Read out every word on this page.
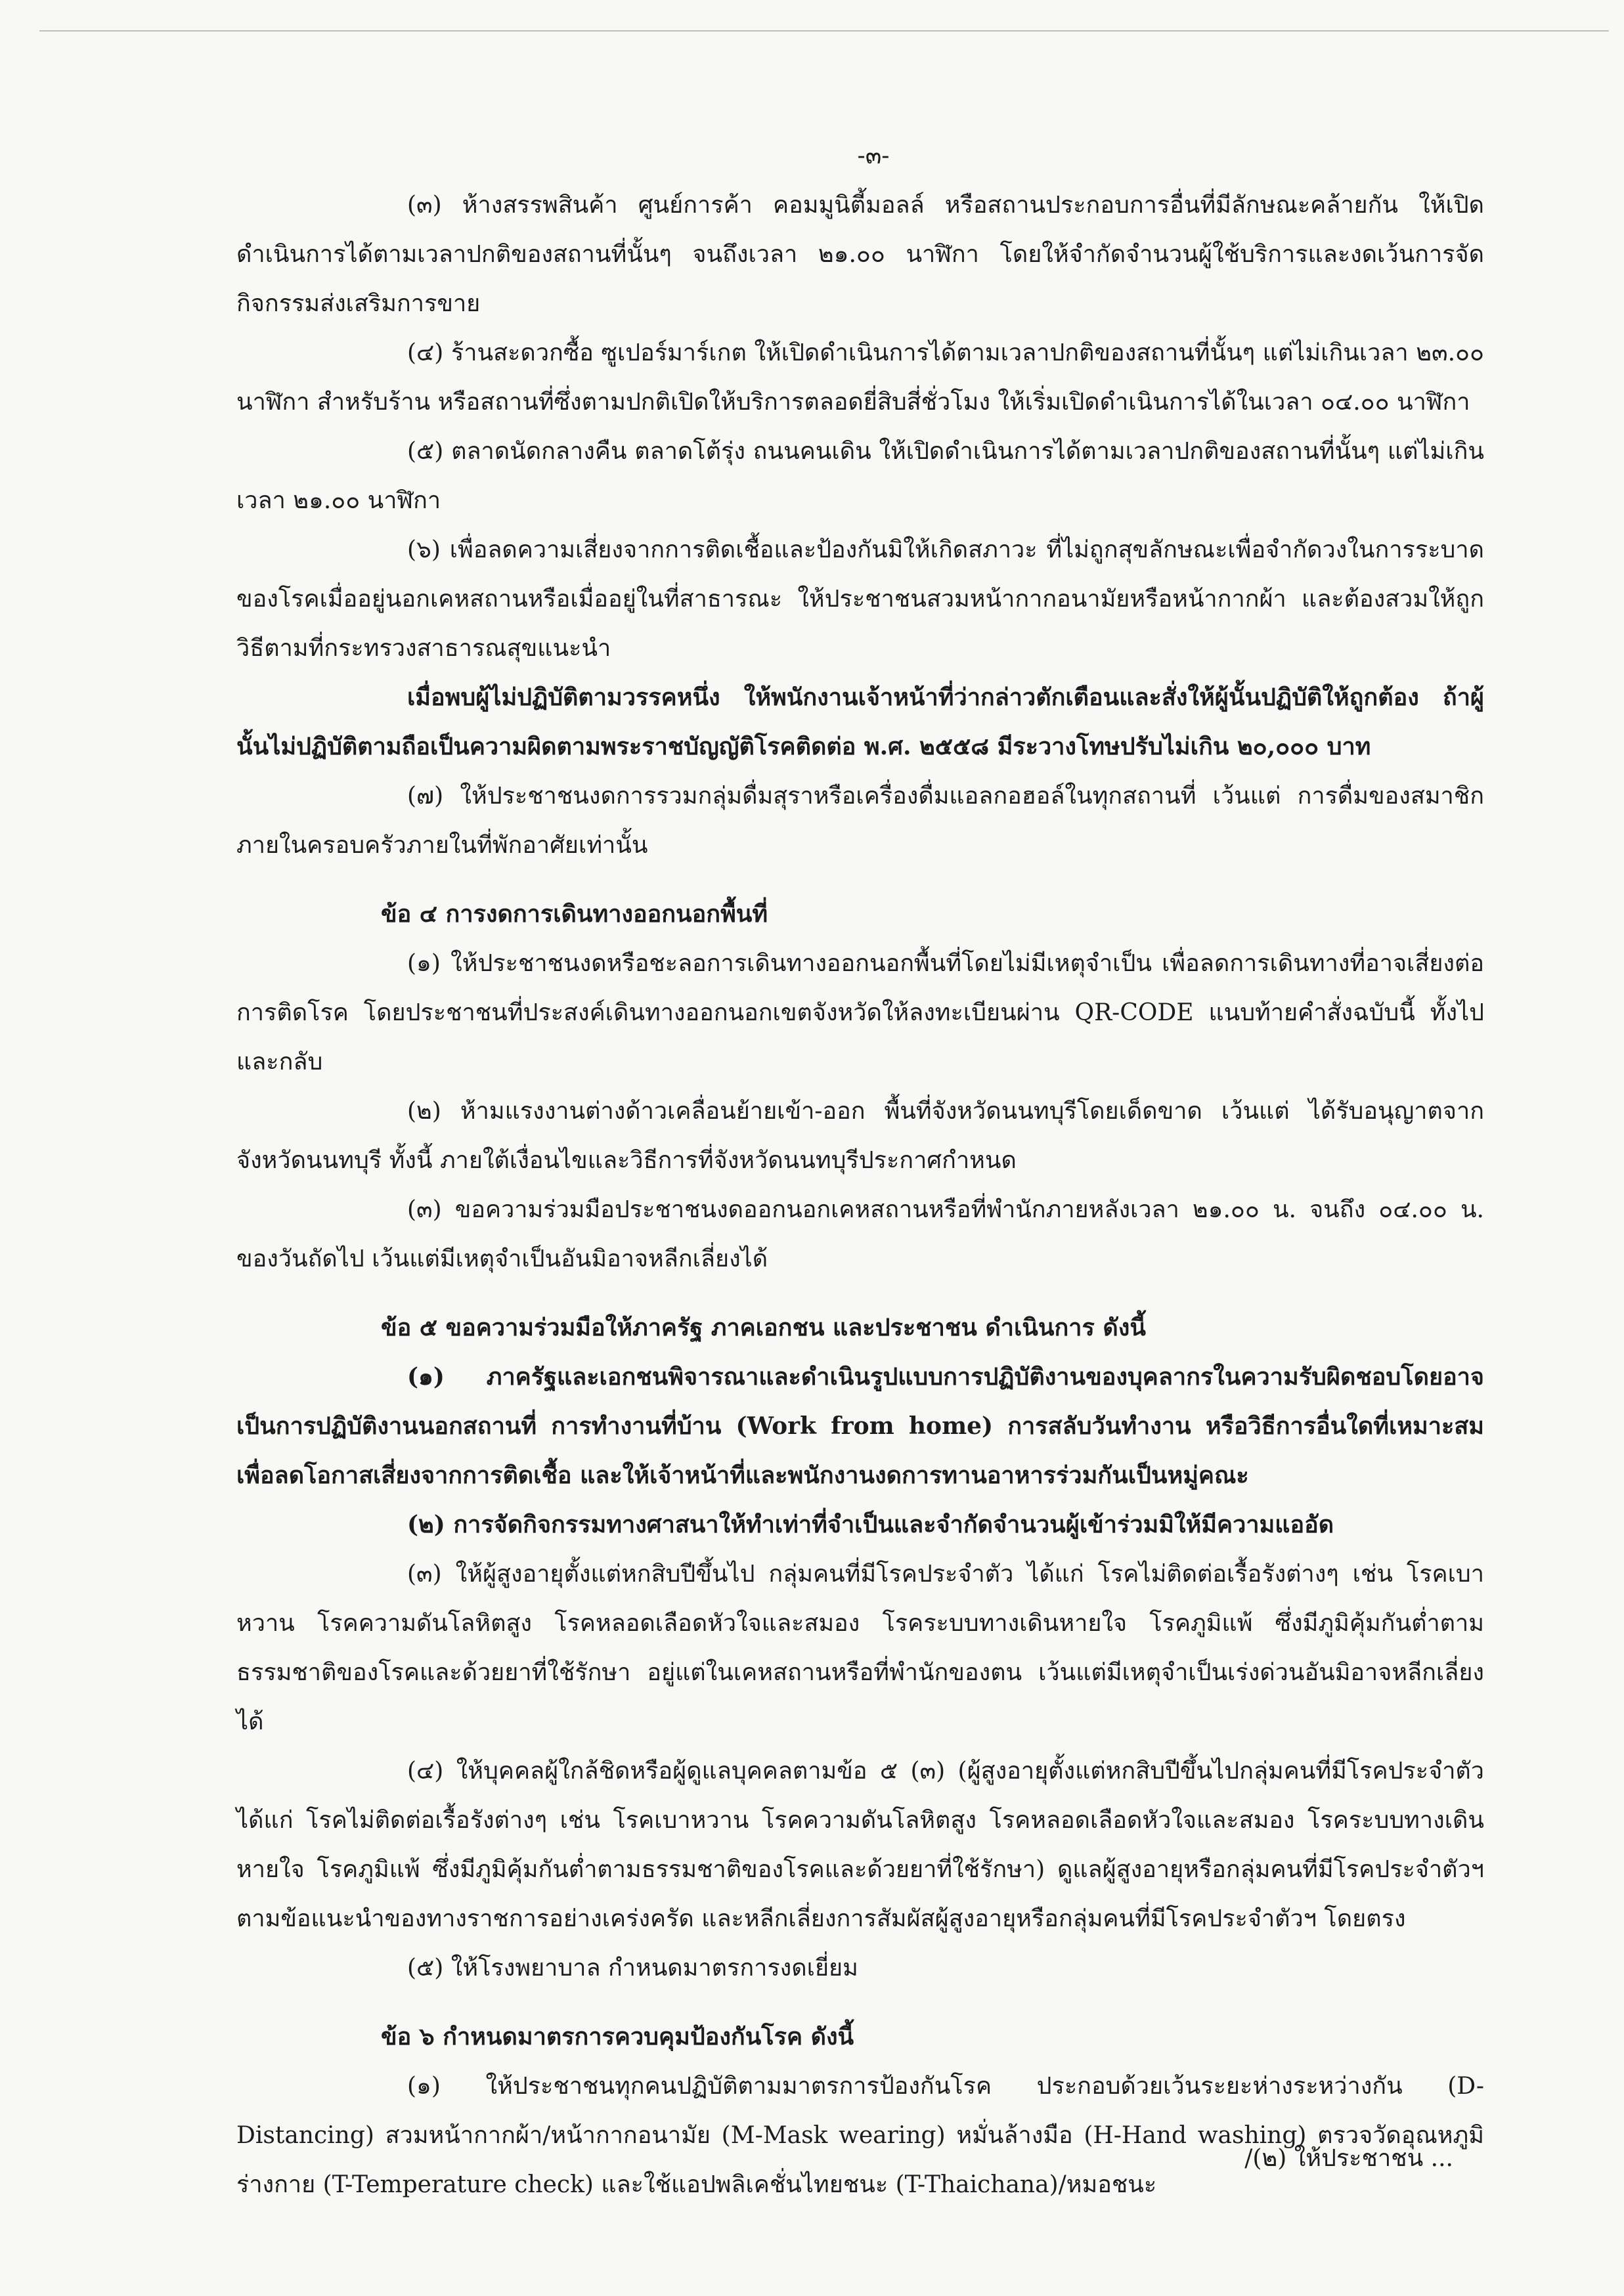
-๓-

(๓) ห้างสรรพสินค้า ศูนย์การค้า คอมมูนิตี้มอลล์ หรือสถานประกอบการอื่นที่มีลักษณะคล้ายกัน ให้เปิดดำเนินการได้ตามเวลาปกติของสถานที่นั้นๆ จนถึงเวลา ๒๑.๐๐ นาฬิกา โดยให้จำกัดจำนวนผู้ใช้บริการและงดเว้นการจัดกิจกรรมส่งเสริมการขาย

(๔) ร้านสะดวกซื้อ ซูเปอร์มาร์เกต ให้เปิดดำเนินการได้ตามเวลาปกติของสถานที่นั้นๆ แต่ไม่เกินเวลา ๒๓.๐๐ นาฬิกา สำหรับร้าน หรือสถานที่ซึ่งตามปกติเปิดให้บริการตลอดยี่สิบสี่ชั่วโมง ให้เริ่มเปิดดำเนินการได้ในเวลา ๐๔.๐๐ นาฬิกา

(๕) ตลาดนัดกลางคืน ตลาดโต้รุ่ง ถนนคนเดิน ให้เปิดดำเนินการได้ตามเวลาปกติของสถานที่นั้นๆ แต่ไม่เกินเวลา ๒๑.๐๐ นาฬิกา

(๖) เพื่อลดความเสี่ยงจากการติดเชื้อและป้องกันมิให้เกิดสภาวะ ที่ไม่ถูกสุขลักษณะเพื่อจำกัดวงในการระบาดของโรคเมื่ออยู่นอกเคหสถานหรือเมื่ออยู่ในที่สาธารณะ ให้ประชาชนสวมหน้ากากอนามัยหรือหน้ากากผ้า และต้องสวมให้ถูกวิธีตามที่กระทรวงสาธารณสุขแนะนำ

เมื่อพบผู้ไม่ปฏิบัติตามวรรคหนึ่ง ให้พนักงานเจ้าหน้าที่ว่ากล่าวตักเตือนและสั่งให้ผู้นั้นปฏิบัติให้ถูกต้อง ถ้าผู้นั้นไม่ปฏิบัติตามถือเป็นความผิดตามพระราชบัญญัติโรคติดต่อ พ.ศ. ๒๕๕๘ มีระวางโทษปรับไม่เกิน ๒๐,๐๐๐ บาท

(๗) ให้ประชาชนงดการรวมกลุ่มดื่มสุราหรือเครื่องดื่มแอลกอฮอล์ในทุกสถานที่ เว้นแต่ การดื่มของสมาชิกภายในครอบครัวภายในที่พักอาศัยเท่านั้น

ข้อ ๔ การงดการเดินทางออกนอกพื้นที่

(๑) ให้ประชาชนงดหรือชะลอการเดินทางออกนอกพื้นที่โดยไม่มีเหตุจำเป็น เพื่อลดการเดินทางที่อาจเสี่ยงต่อการติดโรค โดยประชาชนที่ประสงค์เดินทางออกนอกเขตจังหวัดให้ลงทะเบียนผ่าน QR-CODE แนบท้ายคำสั่งฉบับนี้ ทั้งไปและกลับ

(๒) ห้ามแรงงานต่างด้าวเคลื่อนย้ายเข้า-ออก พื้นที่จังหวัดนนทบุรีโดยเด็ดขาด เว้นแต่ ได้รับอนุญาตจากจังหวัดนนทบุรี ทั้งนี้ ภายใต้เงื่อนไขและวิธีการที่จังหวัดนนทบุรีประกาศกำหนด

(๓) ขอความร่วมมือประชาชนงดออกนอกเคหสถานหรือที่พำนักภายหลังเวลา ๒๑.๐๐ น. จนถึง ๐๔.๐๐ น. ของวันถัดไป เว้นแต่มีเหตุจำเป็นอันมิอาจหลีกเลี่ยงได้

ข้อ ๕ ขอความร่วมมือให้ภาครัฐ ภาคเอกชน และประชาชน ดำเนินการ ดังนี้

(๑) ภาครัฐและเอกชนพิจารณาและดำเนินรูปแบบการปฏิบัติงานของบุคลากรในความรับผิดชอบโดยอาจเป็นการปฏิบัติงานนอกสถานที่ การทำงานที่บ้าน (Work from home) การสลับวันทำงาน หรือวิธีการอื่นใดที่เหมาะสม เพื่อลดโอกาสเสี่ยงจากการติดเชื้อ และให้เจ้าหน้าที่และพนักงานงดการทานอาหารร่วมกันเป็นหมู่คณะ

(๒) การจัดกิจกรรมทางศาสนาให้ทำเท่าที่จำเป็นและจำกัดจำนวนผู้เข้าร่วมมิให้มีความแออัด

(๓) ให้ผู้สูงอายุตั้งแต่หกสิบปีขึ้นไป กลุ่มคนที่มีโรคประจำตัว ได้แก่ โรคไม่ติดต่อเรื้อรังต่างๆ เช่น โรคเบาหวาน โรคความดันโลหิตสูง โรคหลอดเลือดหัวใจและสมอง โรคระบบทางเดินหายใจ โรคภูมิแพ้ ซึ่งมีภูมิคุ้มกันต่ำตามธรรมชาติของโรคและด้วยยาที่ใช้รักษา อยู่แต่ในเคหสถานหรือที่พำนักของตน เว้นแต่มีเหตุจำเป็นเร่งด่วนอันมิอาจหลีกเลี่ยงได้

(๔) ให้บุคคลผู้ใกล้ชิดหรือผู้ดูแลบุคคลตามข้อ ๕ (๓) (ผู้สูงอายุตั้งแต่หกสิบปีขึ้นไปกลุ่มคนที่มีโรคประจำตัวได้แก่ โรคไม่ติดต่อเรื้อรังต่างๆ เช่น โรคเบาหวาน โรคความดันโลหิตสูง โรคหลอดเลือดหัวใจและสมอง โรคระบบทางเดินหายใจ โรคภูมิแพ้ ซึ่งมีภูมิคุ้มกันต่ำตามธรรมชาติของโรคและด้วยยาที่ใช้รักษา) ดูแลผู้สูงอายุหรือกลุ่มคนที่มีโรคประจำตัวฯ ตามข้อแนะนำของทางราชการอย่างเคร่งครัด และหลีกเลี่ยงการสัมผัสผู้สูงอายุหรือกลุ่มคนที่มีโรคประจำตัวฯ โดยตรง

(๕) ให้โรงพยาบาล กำหนดมาตรการงดเยี่ยม

ข้อ ๖ กำหนดมาตรการควบคุมป้องกันโรค ดังนี้

(๑) ให้ประชาชนทุกคนปฏิบัติตามมาตรการป้องกันโรค ประกอบด้วยเว้นระยะห่างระหว่างกัน (D-Distancing) สวมหน้ากากผ้า/หน้ากากอนามัย (M-Mask wearing) หมั่นล้างมือ (H-Hand washing) ตรวจวัดอุณหภูมิร่างกาย (T-Temperature check) และใช้แอปพลิเคชั่นไทยชนะ (T-Thaichana)/หมอชนะ

/(๒) ให้ประชาชน ...
